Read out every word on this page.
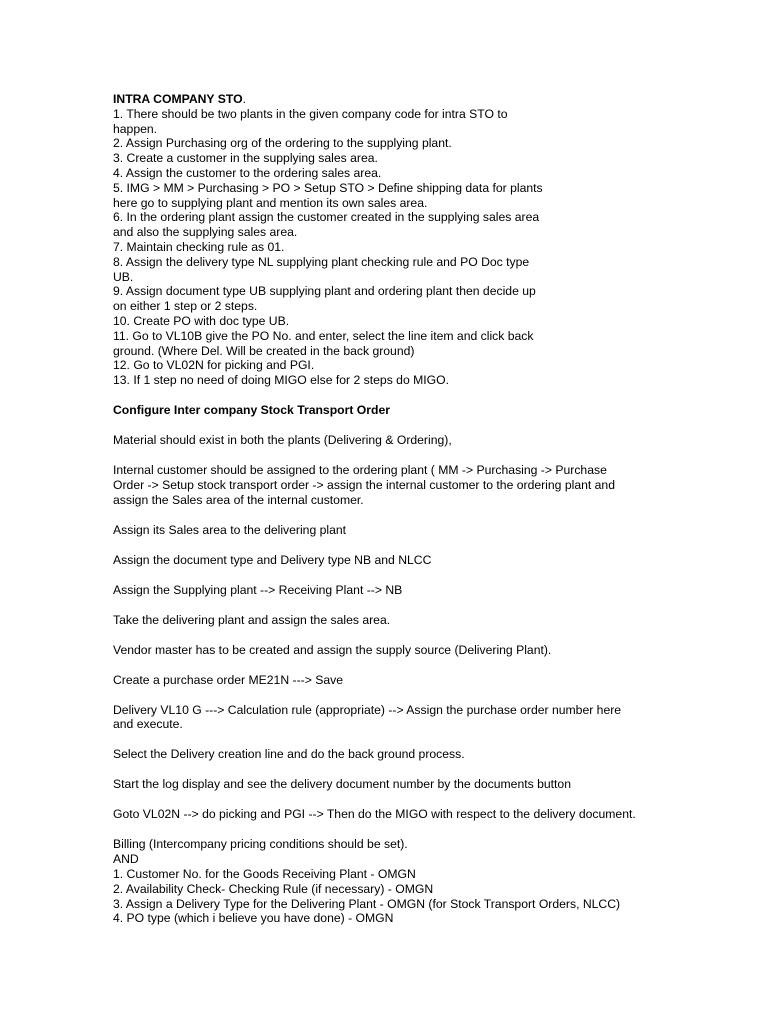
INTRA COMPANY STO.
1. There should be two plants in the given company code for intra STO to
happen.
2. Assign Purchasing org of the ordering to the supplying plant.
3. Create a customer in the supplying sales area.
4. Assign the customer to the ordering sales area.
5. IMG > MM > Purchasing > PO > Setup STO > Define shipping data for plants
here go to supplying plant and mention its own sales area.
6. In the ordering plant assign the customer created in the supplying sales area
and also the supplying sales area.
7. Maintain checking rule as 01.
8. Assign the delivery type NL supplying plant checking rule and PO Doc type
UB.
9. Assign document type UB supplying plant and ordering plant then decide up
on either 1 step or 2 steps.
10. Create PO with doc type UB.
11. Go to VL10B give the PO No. and enter, select the line item and click back
ground. (Where Del. Will be created in the back ground)
12. Go to VL02N for picking and PGI.
13. If 1 step no need of doing MIGO else for 2 steps do MIGO.
Configure Inter company Stock Transport Order
Material should exist in both the plants (Delivering & Ordering),
Internal customer should be assigned to the ordering plant ( MM -> Purchasing -> Purchase
Order -> Setup stock transport order -> assign the internal customer to the ordering plant and
assign the Sales area of the internal customer.
Assign its Sales area to the delivering plant
Assign the document type and Delivery type NB and NLCC
Assign the Supplying plant --> Receiving Plant --> NB
Take the delivering plant and assign the sales area.
Vendor master has to be created and assign the supply source (Delivering Plant).
Create a purchase order ME21N ---> Save
Delivery VL10 G ---> Calculation rule (appropriate) --> Assign the purchase order number here
and execute.
Select the Delivery creation line and do the back ground process.
Start the log display and see the delivery document number by the documents button
Goto VL02N --> do picking and PGI --> Then do the MIGO with respect to the delivery document.
Billing (Intercompany pricing conditions should be set).
AND
1. Customer No. for the Goods Receiving Plant - OMGN
2. Availability Check- Checking Rule (if necessary) - OMGN
3. Assign a Delivery Type for the Delivering Plant - OMGN (for Stock Transport Orders, NLCC)
4. PO type (which i believe you have done) - OMGN
